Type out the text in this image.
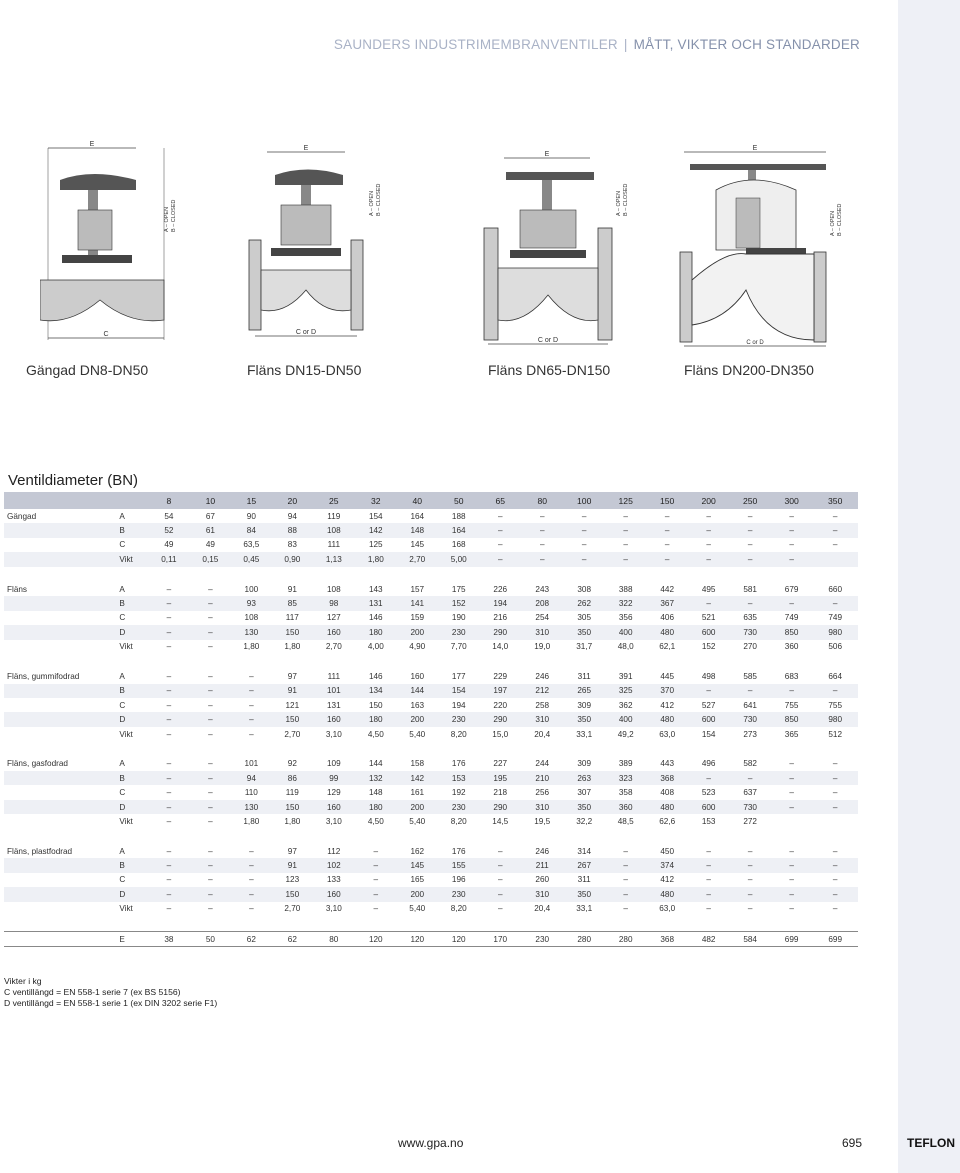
SAUNDERS INDUSTRIMEMBRANVENTILER | MÅTT, VIKTER OCH STANDARDER
E
C
A – OPEN B – CLOSED
E
C or D
A – OPEN B – CLOSED
E
C or D
A – OPEN B – CLOSED
E
C or D
A – OPEN B – CLOSED
Gängad DN8-DN50	Fläns DN15-DN50	Fläns DN65-DN150	Fläns DN200-DN350
Ventildiameter (BN)
		8	10	15	20	25	32	40	50	65	80	100	125	150	200	250	300	350
Gängad	A	54	67	90	94	119	154	164	188	–	–	–	–	–	–	–	–	–
	B	52	61	84	88	108	142	148	164	–	–	–	–	–	–	–	–	–
	C	49	49	63,5	83	111	125	145	168	–	–	–	–	–	–	–	–	–
	Vikt	0,11	0,15	0,45	0,90	1,13	1,80	2,70	5,00	–	–	–	–	–	–	–	–	

Fläns	A	–	–	100	91	108	143	157	175	226	243	308	388	442	495	581	679	660
	B	–	–	93	85	98	131	141	152	194	208	262	322	367	–	–	–	–
	C	–	–	108	117	127	146	159	190	216	254	305	356	406	521	635	749	749
	D	–	–	130	150	160	180	200	230	290	310	350	400	480	600	730	850	980
	Vikt	–	–	1,80	1,80	2,70	4,00	4,90	7,70	14,0	19,0	31,7	48,0	62,1	152	270	360	506

Fläns, gummifodrad	A	–	–	–	97	111	146	160	177	229	246	311	391	445	498	585	683	664
	B	–	–	–	91	101	134	144	154	197	212	265	325	370	–	–	–	–
	C	–	–	–	121	131	150	163	194	220	258	309	362	412	527	641	755	755
	D	–	–	–	150	160	180	200	230	290	310	350	400	480	600	730	850	980
	Vikt	–	–	–	2,70	3,10	4,50	5,40	8,20	15,0	20,4	33,1	49,2	63,0	154	273	365	512

Fläns, gasfodrad	A	–	–	101	92	109	144	158	176	227	244	309	389	443	496	582	–	–
	B	–	–	94	86	99	132	142	153	195	210	263	323	368	–	–	–	–
	C	–	–	110	119	129	148	161	192	218	256	307	358	408	523	637	–	–
	D	–	–	130	150	160	180	200	230	290	310	350	360	480	600	730	–	–
	Vikt	–	–	1,80	1,80	3,10	4,50	5,40	8,20	14,5	19,5	32,2	48,5	62,6	153	272		

Fläns, plastfodrad	A	–	–	–	97	112	–	162	176	–	246	314	–	450	–	–	–	–
	B	–	–	–	91	102	–	145	155	–	211	267	–	374	–	–	–	–
	C	–	–	–	123	133	–	165	196	–	260	311	–	412	–	–	–	–
	D	–	–	–	150	160	–	200	230	–	310	350	–	480	–	–	–	–
	Vikt	–	–	–	2,70	3,10	–	5,40	8,20	–	20,4	33,1	–	63,0	–	–	–	–

	E	38	50	62	62	80	120	120	120	170	230	280	280	368	482	584	699	699
Vikter i kg
C ventillängd = EN 558-1 serie 7 (ex BS 5156)
D ventillängd = EN 558-1 serie 1 (ex DIN 3202 serie F1)
www.gpa.no	695	TEFLON
